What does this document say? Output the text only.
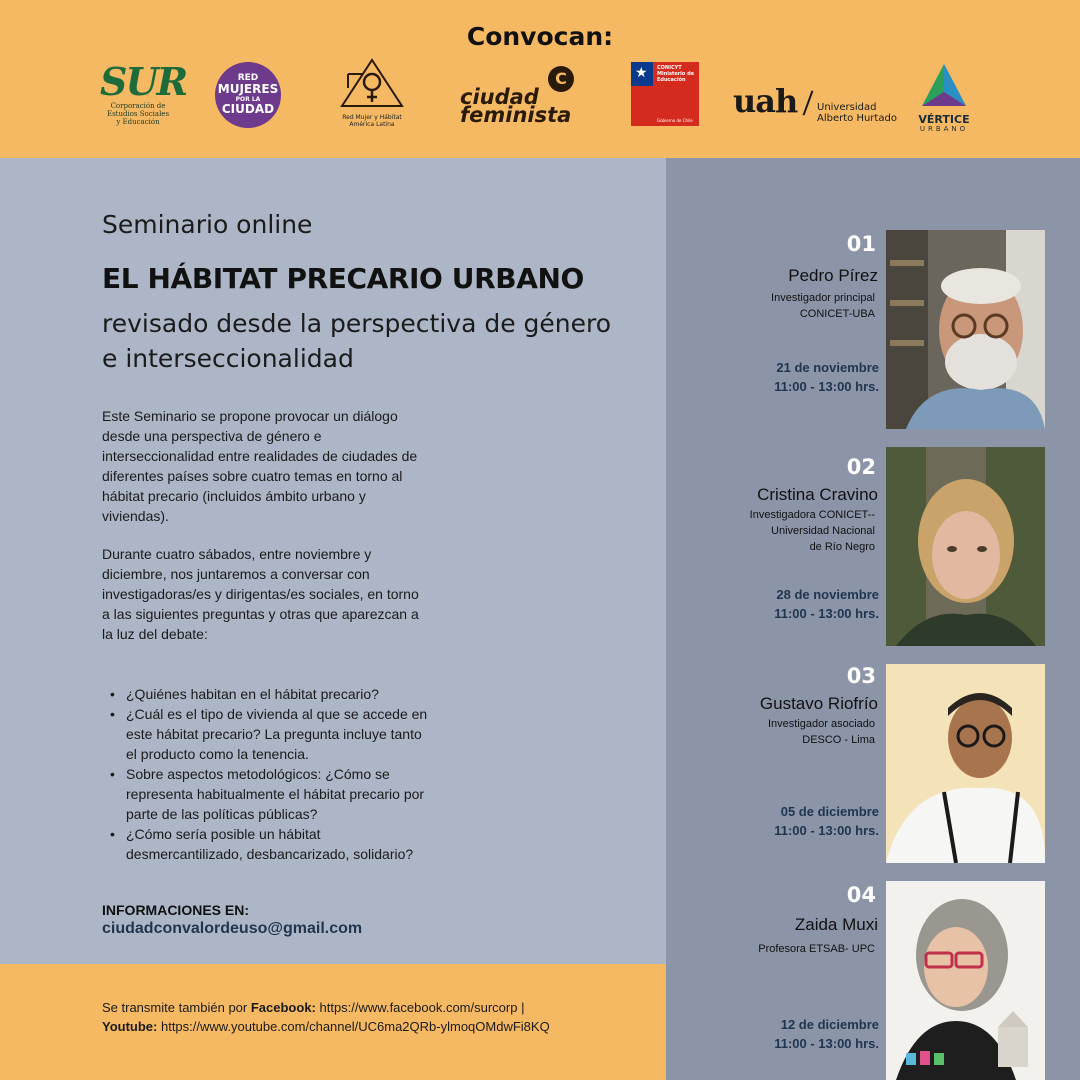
Convocan:
SUR
Corporación de
Estudios Sociales
y Educación
RED
MUJERES
POR LA
CIUDAD
Red Mujer y Hábitat
América Latina
ciudad
feminista
C	★ CONICYT
Ministerio de
Educación
Gobierno de Chile
uah Universidad
Alberto Hurtado	VÉRTICE
URBANO
Seminario online
EL HÁBITAT PRECARIO URBANO
revisado desde la perspectiva de género e interseccionalidad
Este Seminario se propone provocar un diálogo desde una perspectiva de género e interseccionalidad entre realidades de ciudades de diferentes países sobre cuatro temas en torno al hábitat precario (incluidos ámbito urbano y viviendas).
Durante cuatro sábados, entre noviembre y diciembre, nos juntaremos a conversar con investigadoras/es y dirigentas/es sociales, en torno a las siguientes preguntas y otras que aparezcan a la luz del debate:
• ¿Quiénes habitan en el hábitat precario?
• ¿Cuál es el tipo de vivienda al que se accede en este hábitat precario? La pregunta incluye tanto el producto como la tenencia.
• Sobre aspectos metodológicos: ¿Cómo se representa habitualmente el hábitat precario por parte de las políticas públicas?
• ¿Cómo sería posible un hábitat desmercantilizado, desbancarizado, solidario?
INFORMACIONES EN:
ciudadconvalordeuso@gmail.com
Se transmite también por Facebook: https://www.facebook.com/surcorp |
Youtube: https://www.youtube.com/channel/UC6ma2QRb-ylmoqOMdwFi8KQ
01
Pedro Pírez
Investigador principal
CONICET-UBA
21 de noviembre
11:00 - 13:00 hrs.
02
Cristina Cravino
Investigadora CONICET--
Universidad Nacional
de Río Negro
28 de noviembre
11:00 - 13:00 hrs.
03
Gustavo Riofrío
Investigador asociado
DESCO - Lima
05 de diciembre
11:00 - 13:00 hrs.
04
Zaida Muxi
Profesora ETSAB- UPC
12 de diciembre
11:00 - 13:00 hrs.
